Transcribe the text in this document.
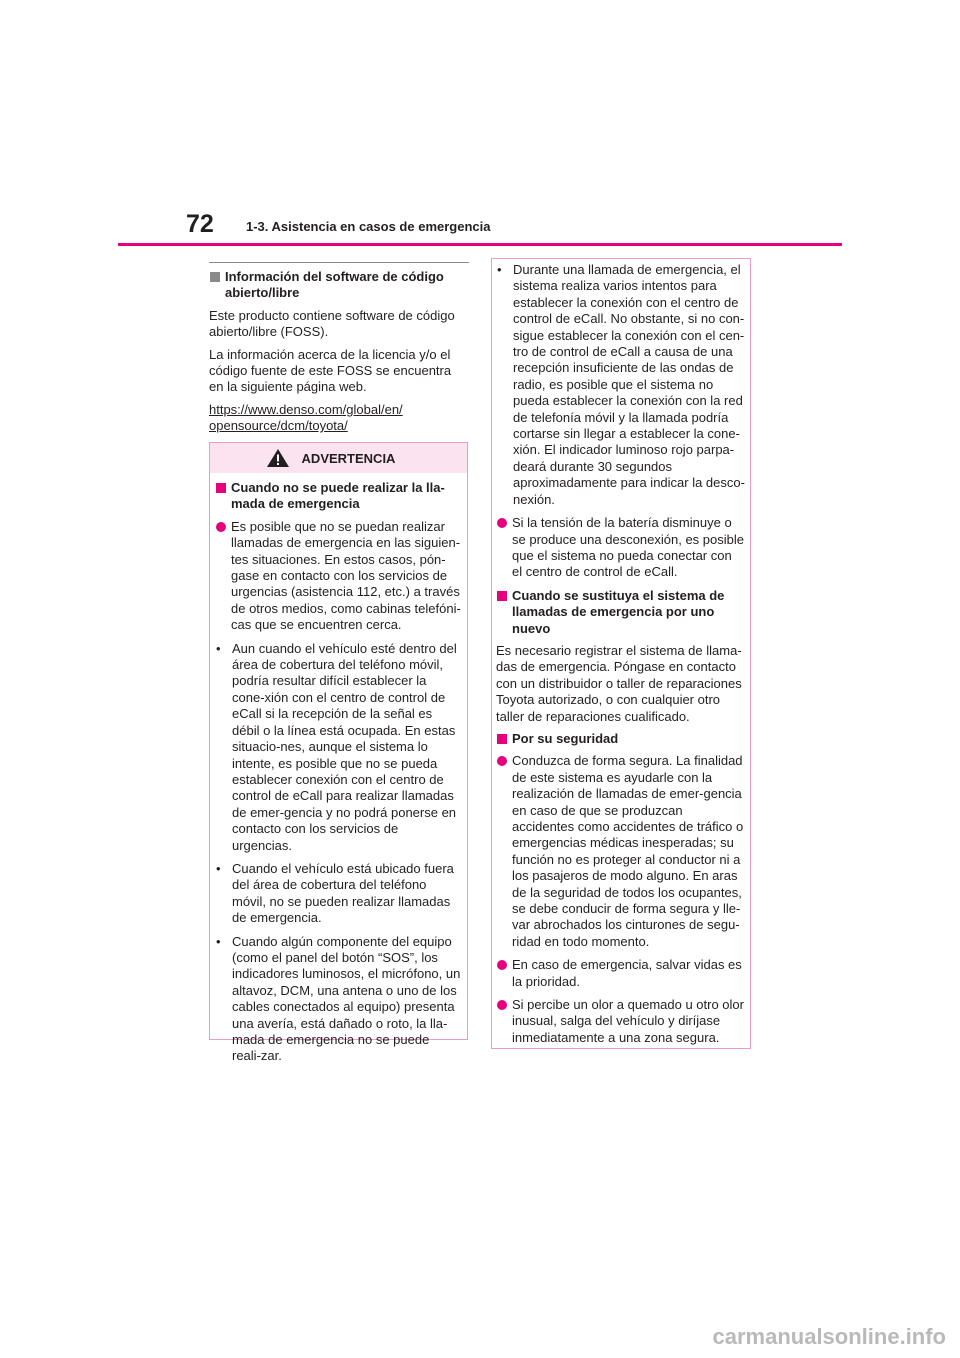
72 1-3. Asistencia en casos de emergencia
Información del software de código abierto/libre

Este producto contiene software de código abierto/libre (FOSS).

La información acerca de la licencia y/o el código fuente de este FOSS se encuentra en la siguiente página web.

https://www.denso.com/global/en/
opensource/dcm/toyota/
ADVERTENCIA
Cuando no se puede realizar la lla-mada de emergencia
Es posible que no se puedan realizar llamadas de emergencia en las siguien-tes situaciones. En estos casos, pón-gase en contacto con los servicios de urgencias (asistencia 112, etc.) a través de otros medios, como cabinas telefóni-cas que se encuentren cerca.
• Aun cuando el vehículo esté dentro del área de cobertura del teléfono móvil, podría resultar difícil establecer la cone-xión con el centro de control de eCall si la recepción de la señal es débil o la línea está ocupada. En estas situacio-nes, aunque el sistema lo intente, es posible que no se pueda establecer conexión con el centro de control de eCall para realizar llamadas de emer-gencia y no podrá ponerse en contacto con los servicios de urgencias.
• Cuando el vehículo está ubicado fuera del área de cobertura del teléfono móvil, no se pueden realizar llamadas de emergencia.
• Cuando algún componente del equipo (como el panel del botón “SOS”, los indicadores luminosos, el micrófono, un altavoz, DCM, una antena o uno de los cables conectados al equipo) presenta una avería, está dañado o roto, la lla-mada de emergencia no se puede reali-zar.
• Durante una llamada de emergencia, el sistema realiza varios intentos para establecer la conexión con el centro de control de eCall. No obstante, si no con-sigue establecer la conexión con el cen-tro de control de eCall a causa de una recepción insuficiente de las ondas de radio, es posible que el sistema no pueda establecer la conexión con la red de telefonía móvil y la llamada podría cortarse sin llegar a establecer la cone-xión. El indicador luminoso rojo parpa-deará durante 30 segundos aproximadamente para indicar la desco-nexión.
Si la tensión de la batería disminuye o se produce una desconexión, es posible que el sistema no pueda conectar con el centro de control de eCall.
Cuando se sustituya el sistema de llamadas de emergencia por uno nuevo

Es necesario registrar el sistema de llama-das de emergencia. Póngase en contacto con un distribuidor o taller de reparaciones Toyota autorizado, o con cualquier otro taller de reparaciones cualificado.

Por su seguridad
Conduzca de forma segura. La finalidad de este sistema es ayudarle con la realización de llamadas de emer-gencia en caso de que se produzcan accidentes como accidentes de tráfico o emergencias médicas inesperadas; su función no es proteger al conductor ni a los pasajeros de modo alguno. En aras de la seguridad de todos los ocupantes, se debe conducir de forma segura y lle-var abrochados los cinturones de segu-ridad en todo momento.
En caso de emergencia, salvar vidas es la prioridad.
Si percibe un olor a quemado u otro olor inusual, salga del vehículo y diríjase inmediatamente a una zona segura.
carmanualsonline.info
